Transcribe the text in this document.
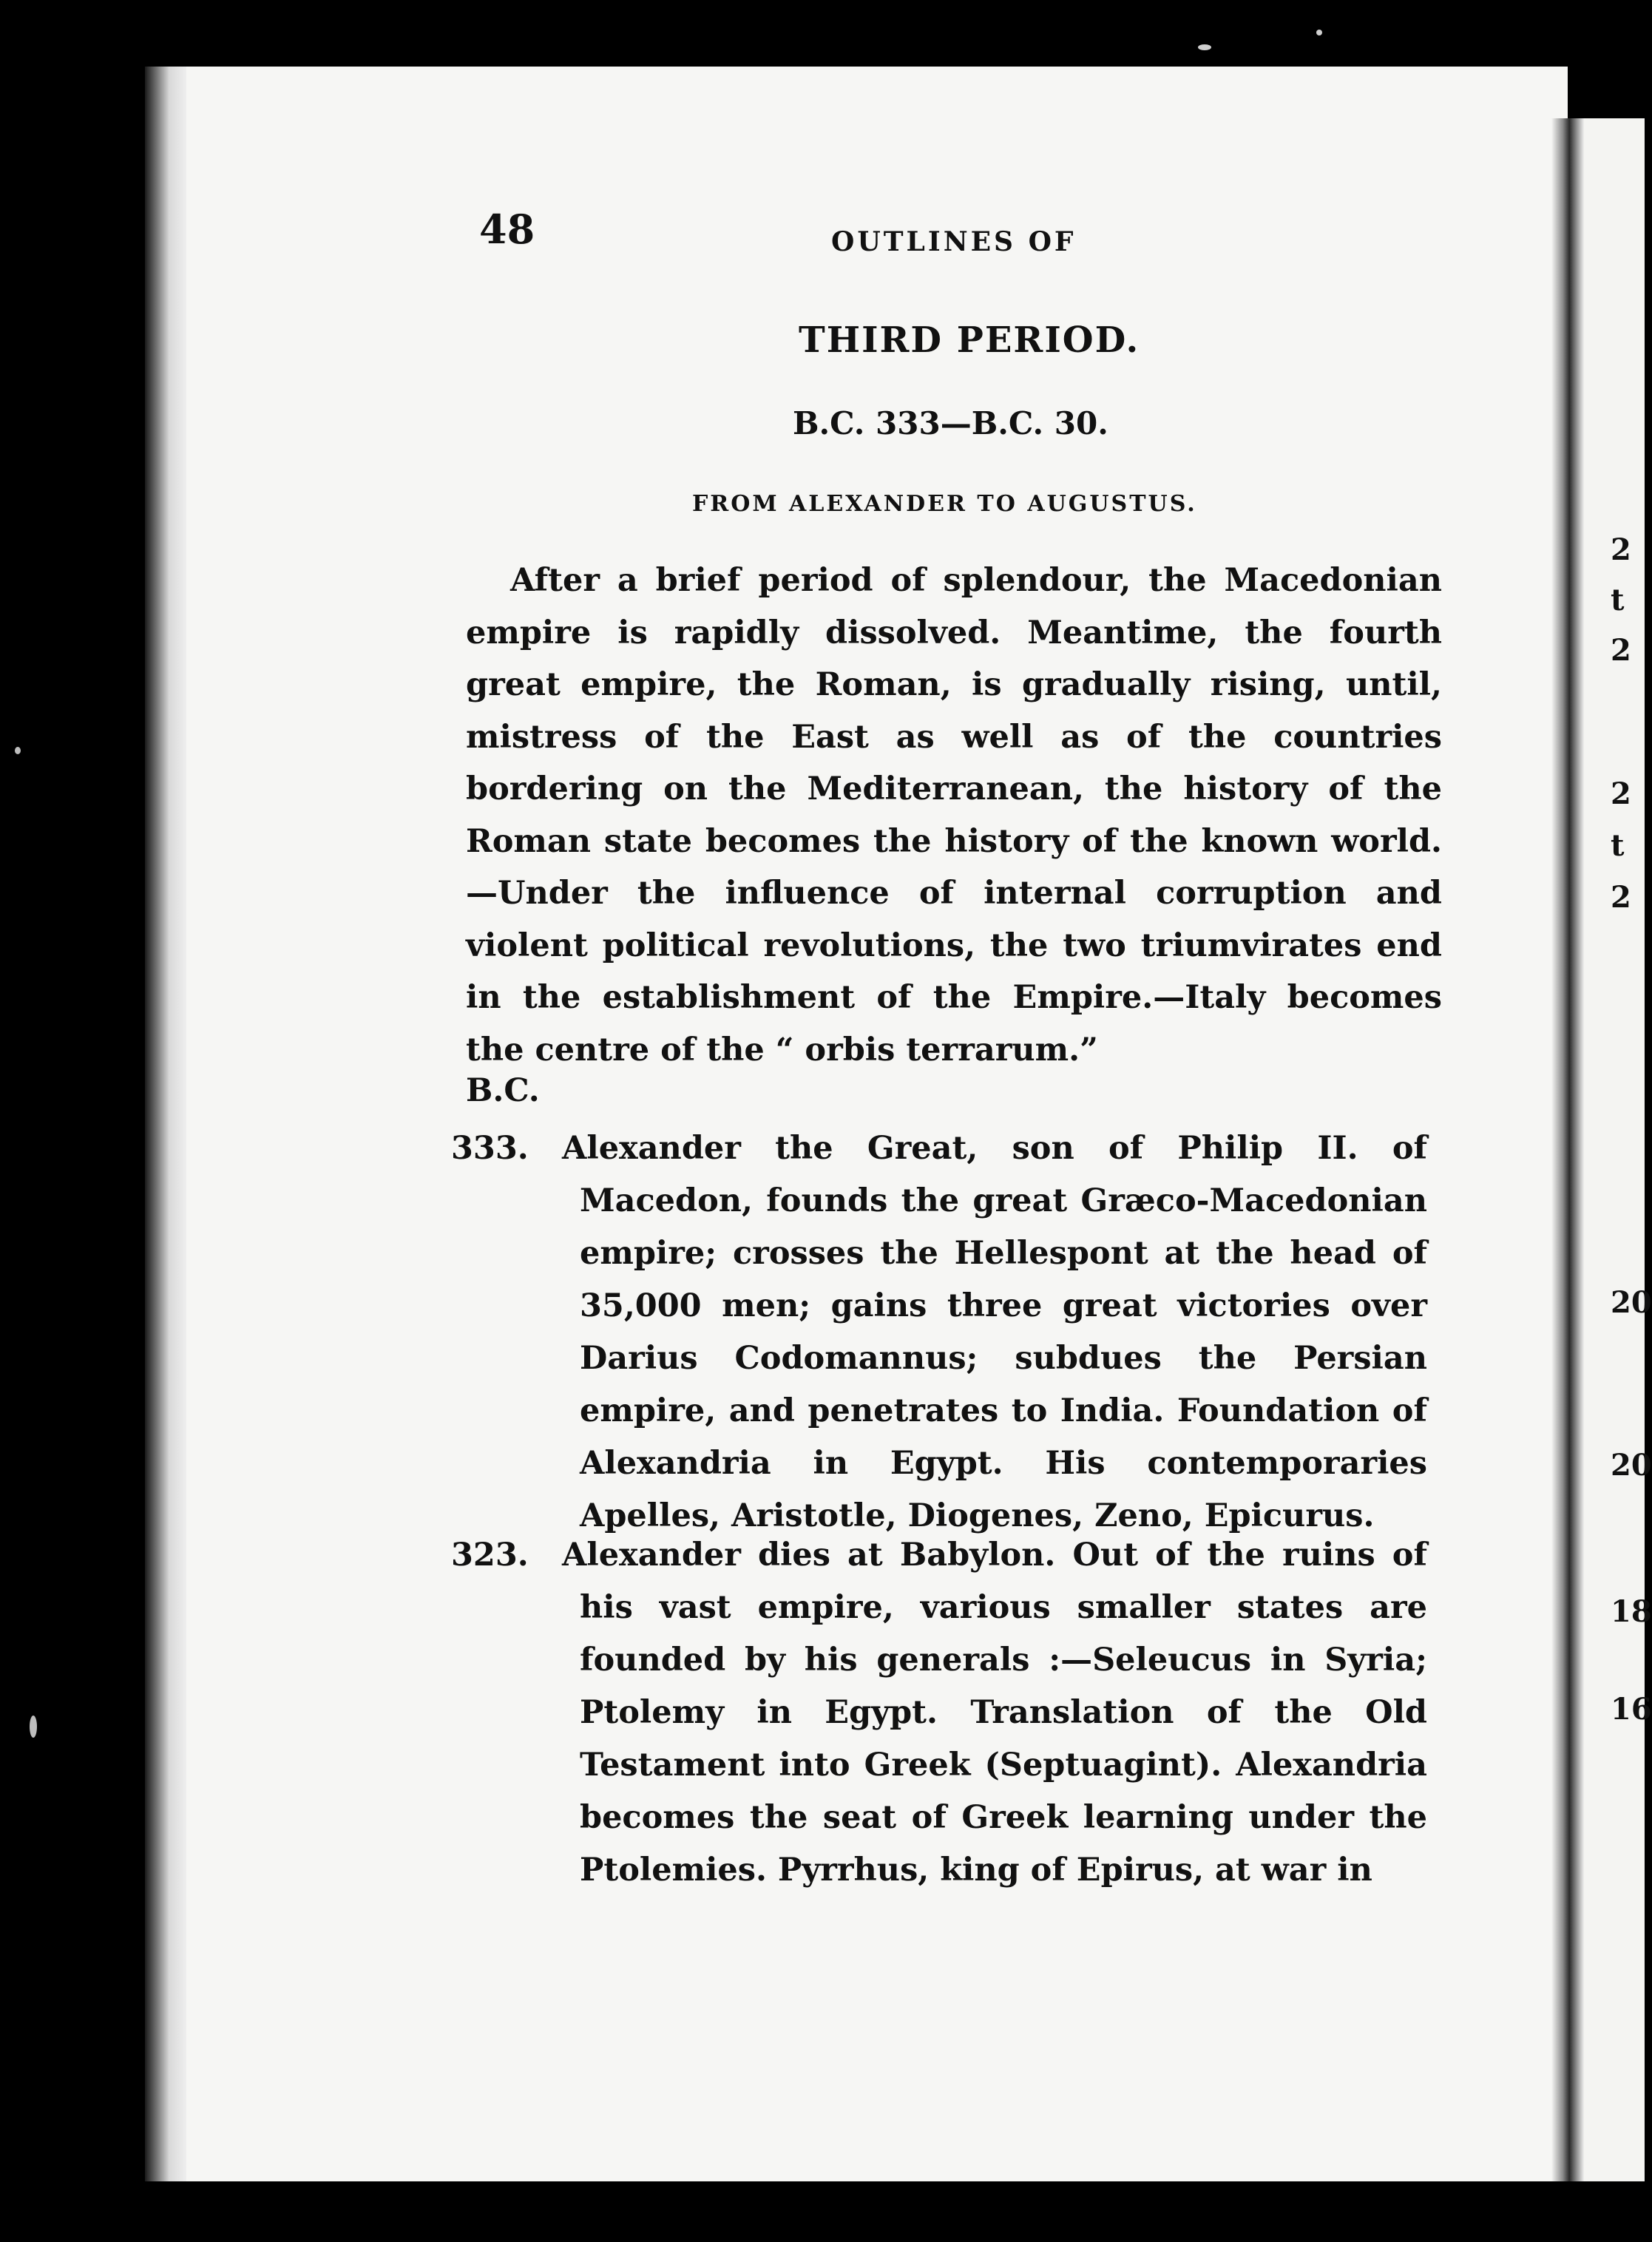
2
t
2
2
t
2
20
20
18
16
48	OUTLINES OF
THIRD PERIOD.
B.C. 333—B.C. 30.
FROM ALEXANDER TO AUGUSTUS.

After a brief period of splendour, the Macedonian empire is rapidly dissolved. Meantime, the fourth great empire, the Roman, is gradually rising, until, mistress of the East as well as of the countries bordering on the Mediterranean, the history of the Roman state becomes the history of the known world.—Under the influence of internal corruption and violent political revolutions, the two triumvirates end in the establishment of the Empire.—Italy becomes the centre of the “ orbis terrarum.”

B.C.
333. Alexander the Great, son of Philip II. of Macedon, founds the great Græco-Macedonian empire; crosses the Hellespont at the head of 35,000 men; gains three great victories over Darius Codomannus; subdues the Persian empire, and penetrates to India. Foundation of Alexandria in Egypt. His contemporaries Apelles, Aristotle, Diogenes, Zeno, Epicurus.
323. Alexander dies at Babylon. Out of the ruins of his vast empire, various smaller states are founded by his generals :—Seleucus in Syria; Ptolemy in Egypt. Translation of the Old Testament into Greek (Septuagint). Alexandria becomes the seat of Greek learning under the Ptolemies. Pyrrhus, king of Epirus, at war in
